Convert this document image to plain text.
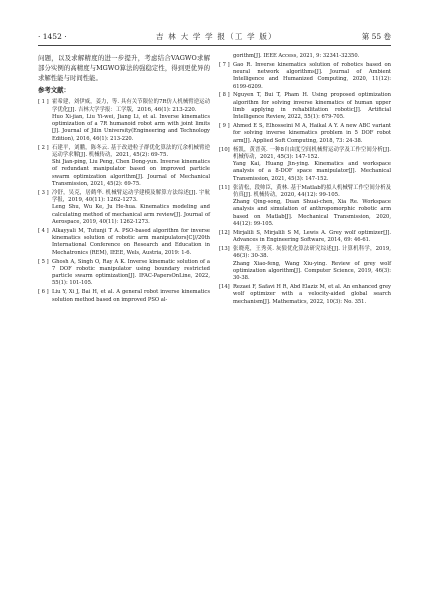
· 1452 ·	吉 林 大 学 学 报（工 学 版）	第 55 卷

问题，以及求解精度的进一步提升，考虑结合VAGWO求解部分实例的高精度与MGWO算法的强稳定性，得到更优异的求解性能与时间性能。

参考文献：
[ 1 ] 霍希建，刘伊威，姜力，等. 具有关节限位的7R仿人机械臂逆运动学优化[J]. 吉林大学学报：工学版，2016, 46(1): 213-220.

Huo Xi-jian, Liu Yi-wei, Jiang Li, et al. Inverse kinematics optimization of a 7R humanoid robot arm with joint limits [J]. Journal of Jilin University(Engineering and Technology Edition), 2016, 46(1): 213-220.

[ 2 ] 石建平，刘鹏，陈冬云. 基于改进粒子群优化算法的冗余机械臂逆运动学求解[J]. 机械传动，2021, 45(2): 69-75.

Shi Jian-ping, Liu Peng, Chen Dong-yun. Inverse kinematics of redundant manipulator based on improved particle swarm optimization algorithm[J]. Journal of Mechanical Transmission, 2021, 45(2): 69-75.

[ 3 ] 冷舒，吴克，居鹤华. 机械臂运动学建模及解算方法综述[J]. 宇航学报，2019, 40(11): 1262-1273.

Leng Shu, Wu Ke, Ju He-hua. Kinematics modeling and calculating method of mechanical arm review[J]. Journal of Aerospace, 2019, 40(11): 1262-1273.

[ 4 ] Alkayyali M, Tutunji T A. PSO-based algorithm for inverse kinematics solution of robotic arm manipulators[C]//20th International Conference on Research and Education in Mechatronics (REM), IEEE, Wels, Austria, 2019: 1-6.

[ 5 ] Ghosh A, Singh O, Ray A K. Inverse kinematic solution of a 7 DOF robotic manipulator using boundary restricted particle swarm optimization[J]. IFAC-PapersOnLine, 2022, 55(1): 101-105.

[ 6 ] Liu Y, Xi J, Bai H, et al. A general robot inverse kinematics solution method based on improved PSO al-

gorithm[J]. IEEE Access, 2021, 9: 32341-32350.

[ 7 ] Gao R. Inverse kinematics solution of robotics based on neural network algorithms[J]. Journal of Ambient Intelligence and Humanized Computing, 2020, 11(12): 6199-6209.

[ 8 ] Nguyen T, Bui T, Pham H. Using proposed optimization algorithm for solving inverse kinematics of human upper limb applying in rehabilitation robotic[J]. Artificial Intelligence Review, 2022, 55(1): 679-705.

[ 9 ] Ahmed E S, Elhosseini M A, Haikal A Y. A new ABC variant for solving inverse kinematics problem in 5 DOF robot arm[J]. Applied Soft Computing, 2018, 73: 24-38.

[10] 杨凯，黄晋英. 一种8自由度空间机械臂运动学及工作空间分析[J]. 机械传动，2021, 45(3): 147-152.

Yang Kai, Huang Jin-ying. Kinematics and workspace analysis of a 8-DOF space manipulator[J]. Mechanical Transmission, 2021, 45(3): 147-152.

[11] 张清松，段帅臣，黄林. 基于Matlab的拟人机械臂工作空间分析及仿真[J]. 机械传动，2020, 44(12): 99-105.

Zhang Qing-song, Duan Shuai-chen, Xia Re. Workspace analysis and simulation of anthropomorphic robotic arm based on Matlab[J]. Mechanical Transmission, 2020, 44(12): 99-105.

[12] Mirjalili S, Mirjalili S M, Lewis A. Grey wolf optimizer[J]. Advances in Engineering Software, 2014, 69: 46-61.

[13] 张晓苑，王秀英. 灰狼优化算法研究综述[J]. 计算机科学，2019, 46(3): 30-38.

Zhang Xiao-feng, Wang Xiu-ying. Review of grey wolf optimization algorithm[J]. Computer Science, 2019, 46(3): 30-38.

[14] Rezaei F, Safavi H R, Abd Elaziz M, et al. An enhanced grey wolf optimizer with a velocity-aided global search mechanism[J]. Mathematics, 2022, 10(3): No. 351.
